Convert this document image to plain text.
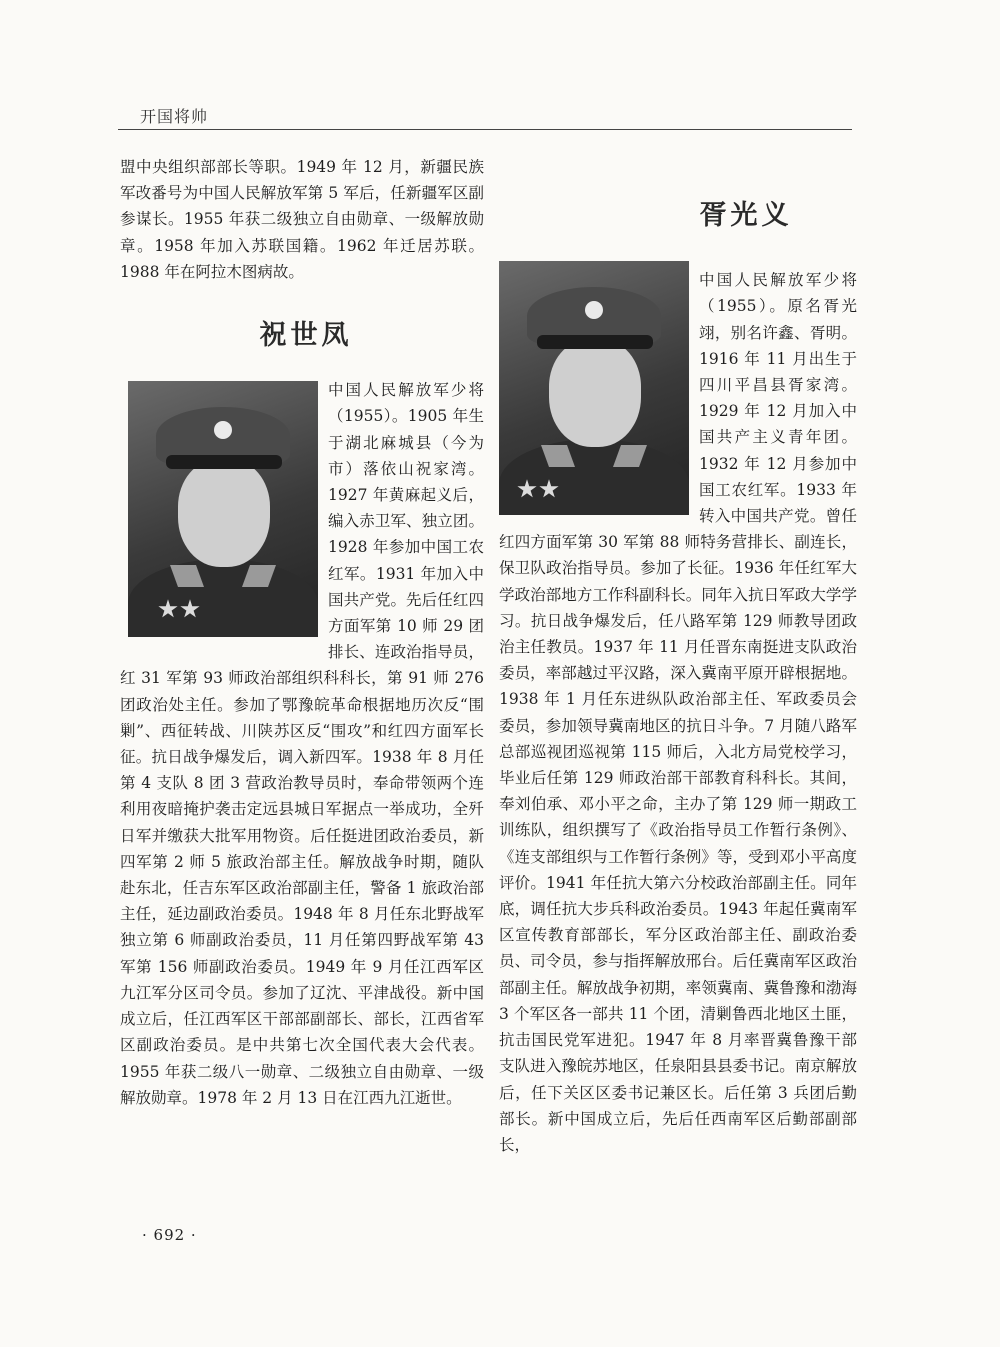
开国将帅

盟中央组织部部长等职。1949 年 12 月，新疆民族军改番号为中国人民解放军第 5 军后，任新疆军区副参谋长。1955 年获二级独立自由勋章、一级解放勋章。1958 年加入苏联国籍。1962 年迁居苏联。1988 年在阿拉木图病故。

祝世凤

中国人民解放军少将（1955）。1905 年生于湖北麻城县（今为市）落依山祝家湾。1927 年黄麻起义后，编入赤卫军、独立团。1928 年参加中国工农红军。1931 年加入中国共产党。先后任红四方面军第 10 师 29 团排长、连政治指导员，红 31 军第 93 师政治部组织科科长，第 91 师 276 团政治处主任。参加了鄂豫皖革命根据地历次反“围剿”、西征转战、川陕苏区反“围攻”和红四方面军长征。抗日战争爆发后，调入新四军。1938 年 8 月任第 4 支队 8 团 3 营政治教导员时，奉命带领两个连利用夜暗掩护袭击定远县城日军据点一举成功，全歼日军并缴获大批军用物资。后任挺进团政治委员，新四军第 2 师 5 旅政治部主任。解放战争时期，随队赴东北，任吉东军区政治部副主任，警备 1 旅政治部主任，延边副政治委员。1948 年 8 月任东北野战军独立第 6 师副政治委员，11 月任第四野战军第 43 军第 156 师副政治委员。1949 年 9 月任江西军区九江军分区司令员。参加了辽沈、平津战役。新中国成立后，任江西军区干部部副部长、部长，江西省军区副政治委员。是中共第七次全国代表大会代表。1955 年获二级八一勋章、二级独立自由勋章、一级解放勋章。1978 年 2 月 13 日在江西九江逝世。

胥光义

中国人民解放军少将（1955）。原名胥光翊，别名许鑫、胥明。1916 年 11 月出生于四川平昌县胥家湾。1929 年 12 月加入中国共产主义青年团。1932 年 12 月参加中国工农红军。1933 年转入中国共产党。曾任红四方面军第 30 军第 88 师特务营排长、副连长，保卫队政治指导员。参加了长征。1936 年任红军大学政治部地方工作科副科长。同年入抗日军政大学学习。抗日战争爆发后，任八路军第 129 师教导团政治主任教员。1937 年 11 月任晋东南挺进支队政治委员，率部越过平汉路，深入冀南平原开辟根据地。1938 年 1 月任东进纵队政治部主任、军政委员会委员，参加领导冀南地区的抗日斗争。7 月随八路军总部巡视团巡视第 115 师后，入北方局党校学习，毕业后任第 129 师政治部干部教育科科长。其间，奉刘伯承、邓小平之命，主办了第 129 师一期政工训练队，组织撰写了《政治指导员工作暂行条例》、《连支部组织与工作暂行条例》等，受到邓小平高度评价。1941 年任抗大第六分校政治部副主任。同年底，调任抗大步兵科政治委员。1943 年起任冀南军区宣传教育部部长，军分区政治部主任、副政治委员、司令员，参与指挥解放邢台。后任冀南军区政治部副主任。解放战争初期，率领冀南、冀鲁豫和渤海 3 个军区各一部共 11 个团，清剿鲁西北地区土匪，抗击国民党军进犯。1947 年 8 月率晋冀鲁豫干部支队进入豫皖苏地区，任泉阳县县委书记。南京解放后，任下关区区委书记兼区长。后任第 3 兵团后勤部长。新中国成立后，先后任西南军区后勤部副部长，

· 692 ·
